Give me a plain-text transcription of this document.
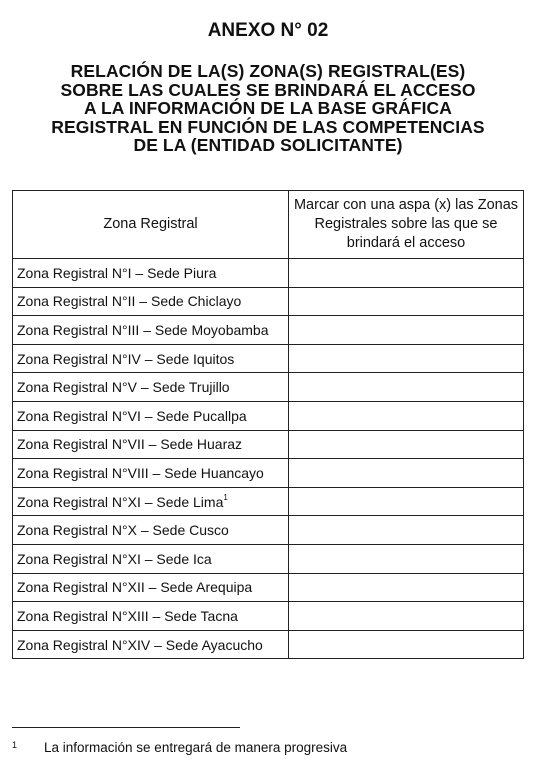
ANEXO N° 02
RELACIÓN DE LA(S) ZONA(S) REGISTRAL(ES)
SOBRE LAS CUALES SE BRINDARÁ EL ACCESO
A LA INFORMACIÓN DE LA BASE GRÁFICA
REGISTRAL EN FUNCIÓN DE LAS COMPETENCIAS
DE LA (ENTIDAD SOLICITANTE)
Zona Registral	Marcar con una aspa (x) las Zonas Registrales sobre las que se brindará el acceso
Zona Registral N°I – Sede Piura	
Zona Registral N°II – Sede Chiclayo	
Zona Registral N°III – Sede Moyobamba	
Zona Registral N°IV – Sede Iquitos	
Zona Registral N°V – Sede Trujillo	
Zona Registral N°VI – Sede Pucallpa	
Zona Registral N°VII – Sede Huaraz	
Zona Registral N°VIII – Sede Huancayo	
Zona Registral N°XI – Sede Lima$^1$	
Zona Registral N°X – Sede Cusco	
Zona Registral N°XI – Sede Ica	
Zona Registral N°XII – Sede Arequipa	
Zona Registral N°XIII – Sede Tacna	
Zona Registral N°XIV – Sede Ayacucho	
1 La información se entregará de manera progresiva
